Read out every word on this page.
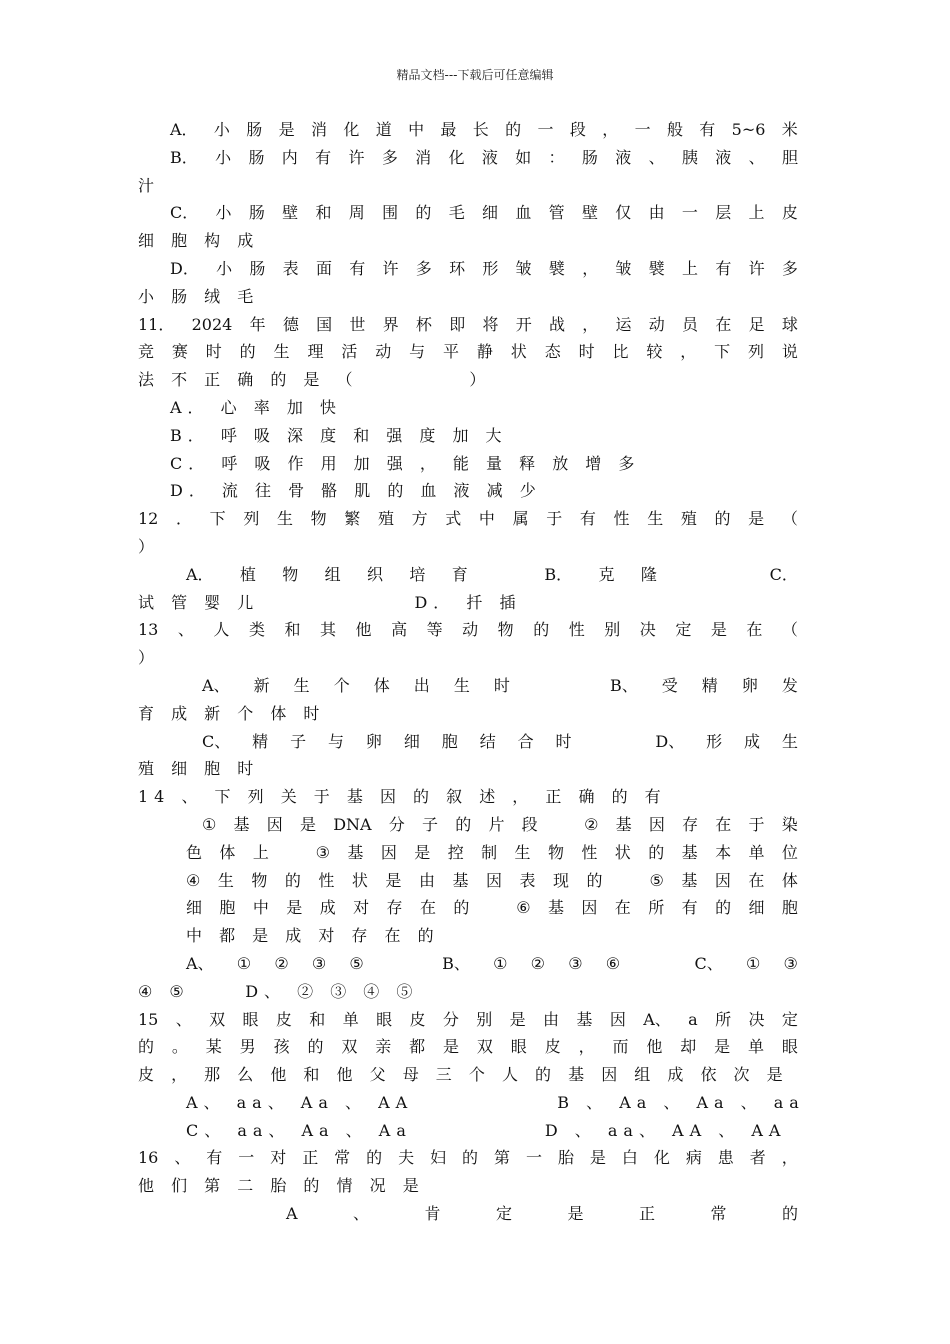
精品文档---下载后可任意编辑
A． 小 肠 是 消 化 道 中 最 长 的 一 段 ， 一 般 有 5~6 米
B． 小 肠 内 有 许 多 消 化 液 如 ： 肠 液 、 胰 液 、 胆
汁
C． 小 肠 壁 和 周 围 的 毛 细 血 管 壁 仅 由 一 层 上 皮
细 胞 构 成
D． 小 肠 表 面 有 许 多 环 形 皱 襞 ， 皱 襞 上 有 许 多
小 肠 绒 毛
11． 2024 年 德 国 世 界 杯 即 将 开 战 ， 运 动 员 在 足 球
竞 赛 时 的 生 理 活 动 与 平 静 状 态 时 比 较 ， 下 列 说
法 不 正 确 的 是 （          ）
A． 心 率 加 快
B． 呼 吸 深 度 和 强 度 加 大
C． 呼 吸 作 用 加 强 ， 能 量 释 放 增 多
D． 流 往 骨 骼 肌 的 血 液 减 少
12 ． 下 列 生 物 繁 殖 方 式 中 属 于 有 性 生 殖 的 是 （
）
A． 植 物 组 织 培 育	B． 克 隆	C．
试 管 婴 儿              D． 扦 插
13 、 人 类 和 其 他 高 等 动 物 的 性 别 决 定 是 在 （
）
A、 新 生 个 体 出 生 时	B、 受 精 卵 发
育 成 新 个 体 时
C、 精 子 与 卵 细 胞 结 合 时	D、 形 成 生
殖 细 胞 时
14 、 下 列 关 于 基 因 的 叙 述 ， 正 确 的 有
① 基 因 是 DNA 分 子 的 片 段	② 基 因 存 在 于 染
色 体 上	③ 基 因 是 控 制 生 物 性 状 的 基 本 单 位
④ 生 物 的 性 状 是 由 基 因 表 现 的	⑤ 基 因 在 体
细 胞 中 是 成 对 存 在 的	⑥ 基 因 在 所 有 的 细 胞
中 都 是 成 对 存 在 的
A、 ① ② ③ ⑤	B、 ① ② ③ ⑥	C、 ① ③
④ ⑤     D、 ② ③ ④ ⑤
15 、 双 眼 皮 和 单 眼 皮 分 别 是 由 基 因 A、 a 所 决 定
的 。 某 男 孩 的 双 亲 都 是 双 眼 皮 ， 而 他 却 是 单 眼
皮 ， 那 么 他 和 他 父 母 三 个 人 的 基 因 组 成 依 次 是
A、 aa、 Aa 、 AA             B 、 Aa 、 Aa 、 aa
C、 aa、 Aa 、 Aa            D 、 aa、 AA 、 AA
16 、 有 一 对 正 常 的 夫 妇 的 第 一 胎 是 白 化 病 患 者 ，
他 们 第 二 胎 的 情 况 是
A	、	肯	定	是	正	常	的
